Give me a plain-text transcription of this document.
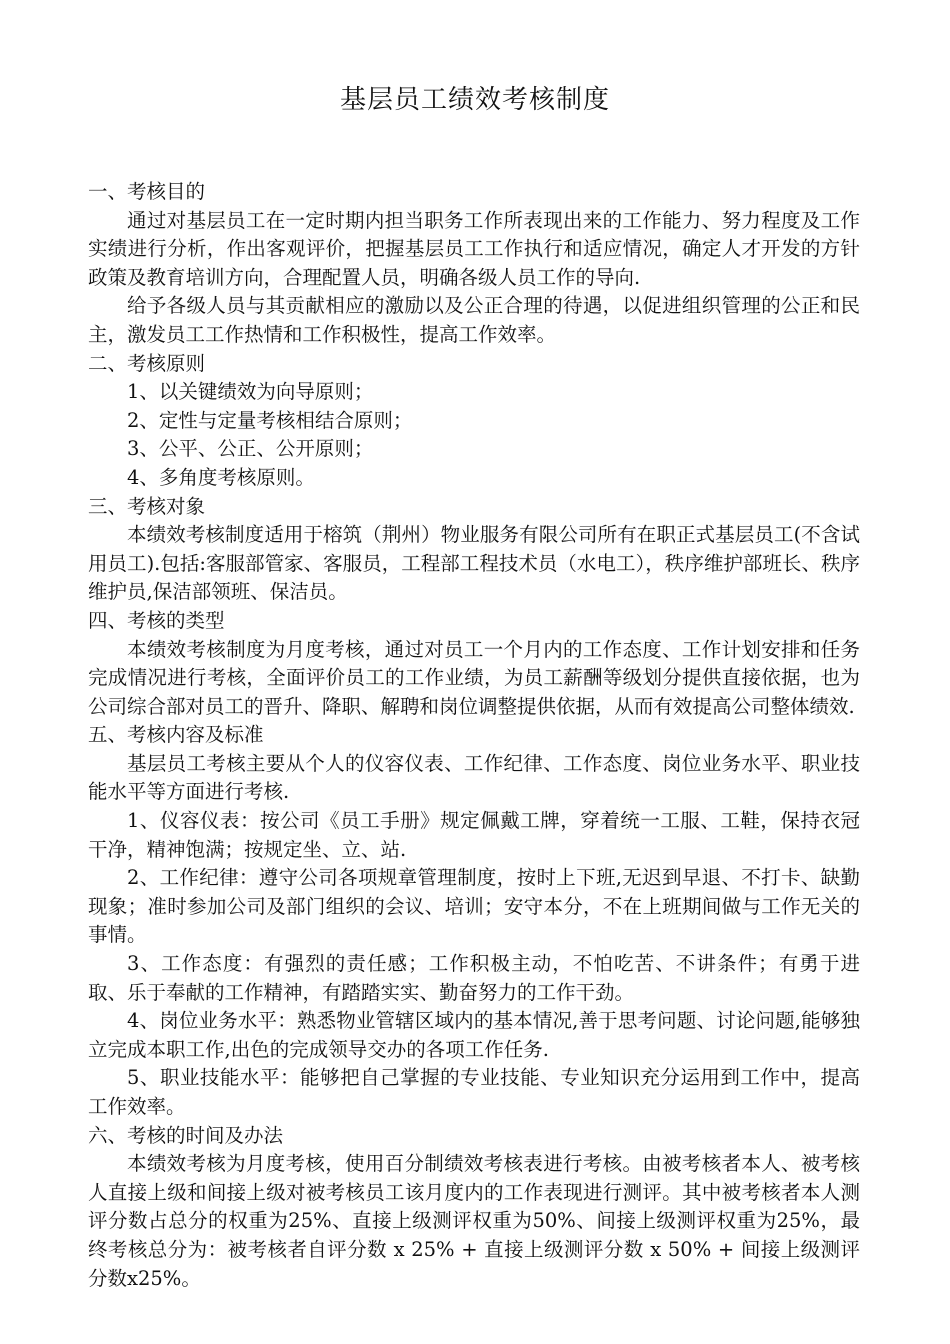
基层员工绩效考核制度

一、考核目的

通过对基层员工在一定时期内担当职务工作所表现出来的工作能力、努力程度及工作实绩进行分析，作出客观评价，把握基层员工工作执行和适应情况，确定人才开发的方针政策及教育培训方向，合理配置人员，明确各级人员工作的导向.

给予各级人员与其贡献相应的激励以及公正合理的待遇，以促进组织管理的公正和民主，激发员工工作热情和工作积极性，提高工作效率。

二、考核原则

1、以关键绩效为向导原则；

2、定性与定量考核相结合原则；

3、公平、公正、公开原则；

4、多角度考核原则。

三、考核对象

本绩效考核制度适用于榕筑（荆州）物业服务有限公司所有在职正式基层员工(不含试用员工).包括:客服部管家、客服员，工程部工程技术员（水电工），秩序维护部班长、秩序维护员,保洁部领班、保洁员。

四、考核的类型

本绩效考核制度为月度考核，通过对员工一个月内的工作态度、工作计划安排和任务完成情况进行考核，全面评价员工的工作业绩，为员工薪酬等级划分提供直接依据，也为公司综合部对员工的晋升、降职、解聘和岗位调整提供依据，从而有效提高公司整体绩效.

五、考核内容及标准

基层员工考核主要从个人的仪容仪表、工作纪律、工作态度、岗位业务水平、职业技能水平等方面进行考核.

1、仪容仪表：按公司《员工手册》规定佩戴工牌，穿着统一工服、工鞋，保持衣冠干净，精神饱满；按规定坐、立、站.

2、工作纪律：遵守公司各项规章管理制度，按时上下班,无迟到早退、不打卡、缺勤现象；准时参加公司及部门组织的会议、培训；安守本分，不在上班期间做与工作无关的事情。

3、工作态度：有强烈的责任感；工作积极主动，不怕吃苦、不讲条件；有勇于进取、乐于奉献的工作精神，有踏踏实实、勤奋努力的工作干劲。

4、岗位业务水平：熟悉物业管辖区域内的基本情况,善于思考问题、讨论问题,能够独立完成本职工作,出色的完成领导交办的各项工作任务.

5、职业技能水平：能够把自己掌握的专业技能、专业知识充分运用到工作中，提高工作效率。

六、考核的时间及办法

本绩效考核为月度考核，使用百分制绩效考核表进行考核。由被考核者本人、被考核人直接上级和间接上级对被考核员工该月度内的工作表现进行测评。其中被考核者本人测评分数占总分的权重为25%、直接上级测评权重为50%、间接上级测评权重为25%，最终考核总分为：被考核者自评分数 x 25% + 直接上级测评分数 x 50% + 间接上级测评分数x25%。
